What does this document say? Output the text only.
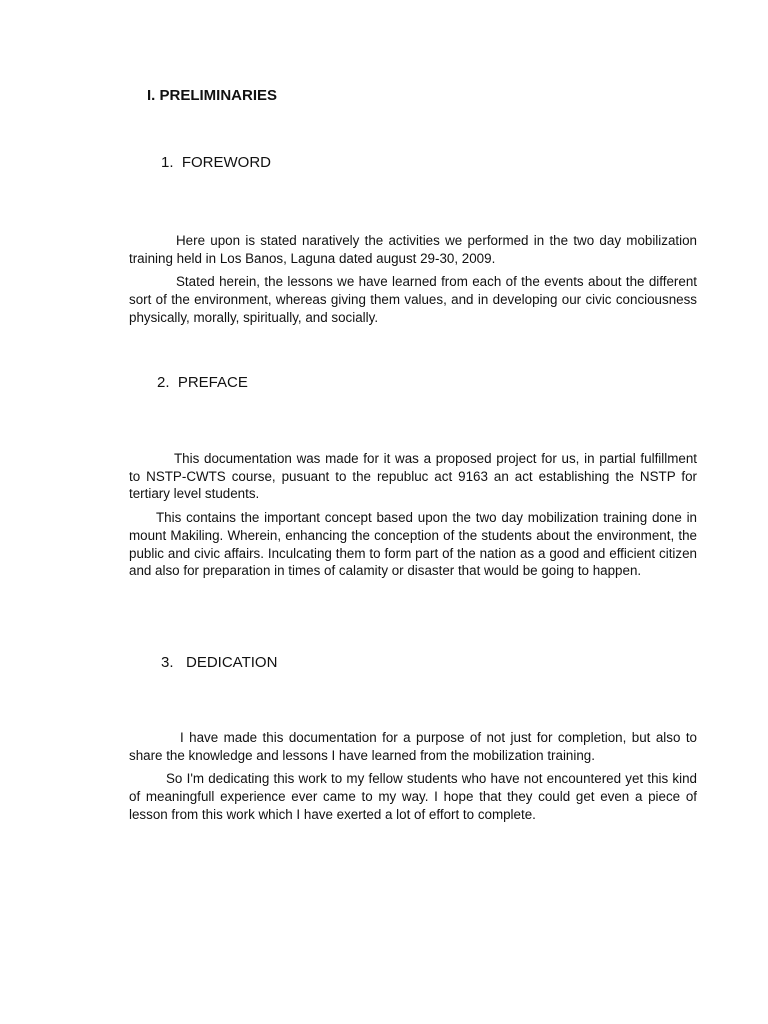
I. PRELIMINARIES
1.  FOREWORD

Here upon is stated naratively the activities we performed in the two day mobilization training held in Los Banos, Laguna dated august 29-30, 2009.

Stated herein, the lessons we have learned from each of the events about the different sort of the environment, whereas giving them values, and in developing our civic conciousness physically, morally, spiritually, and socially.

2.  PREFACE

This documentation was made for it was a proposed project for us, in partial fulfillment to NSTP-CWTS course, pusuant to the republuc act 9163 an act establishing the NSTP for tertiary level students.

This contains the important concept based upon the two day mobilization training done in mount Makiling. Wherein, enhancing the conception of the students about the environment, the public and civic affairs. Inculcating them to form part of the nation as a good and efficient citizen and also for preparation in times of calamity or disaster that would be going to happen.

3.   DEDICATION

I have made this documentation for a purpose of not just for completion, but also to share the knowledge and lessons I have learned from the mobilization training.

So I'm dedicating this work to my fellow students who have not encountered yet this kind of meaningfull experience ever came to my way. I hope that they could get even a piece of lesson from this work which I have exerted a lot of effort to complete.
